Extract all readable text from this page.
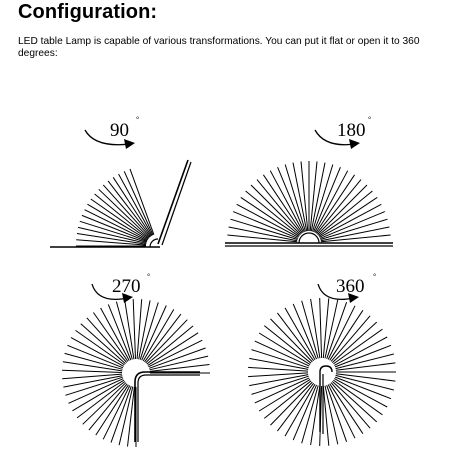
Configuration:

LED table Lamp is capable of various transformations. You can put it flat or open it to 360 degrees:

90
°
180
°
270 °	360 °
